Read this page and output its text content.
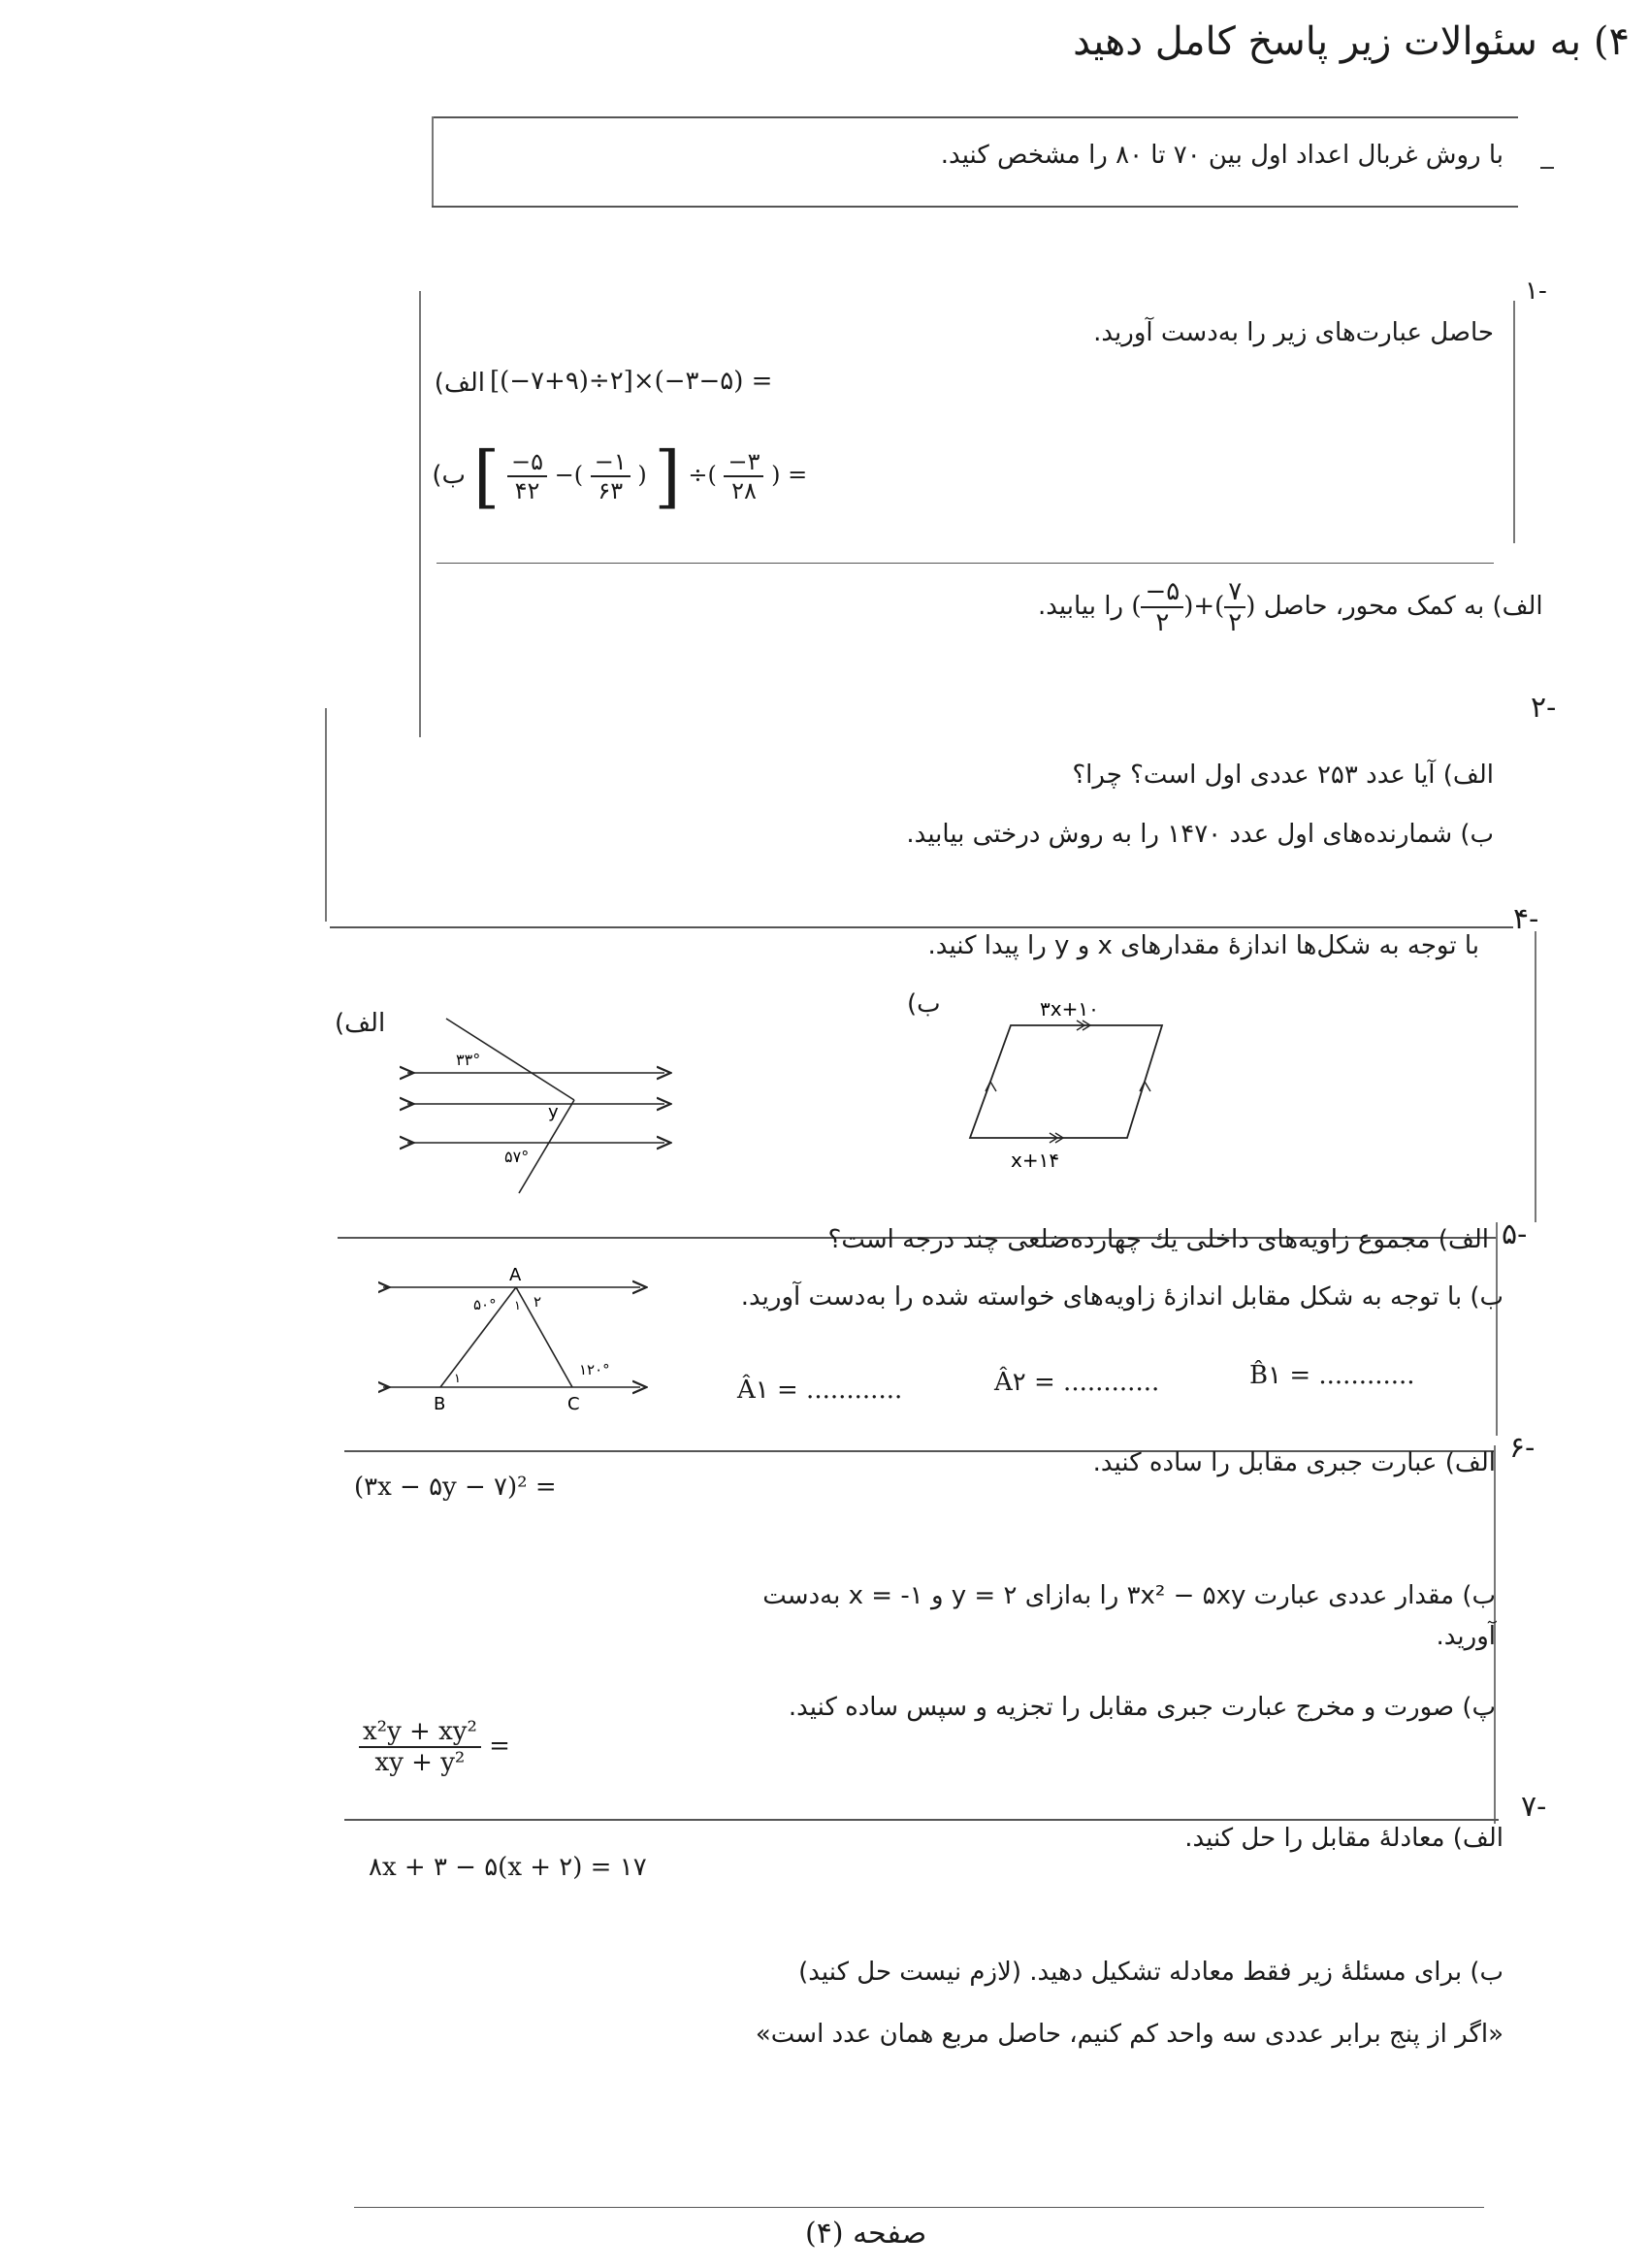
۴) به سئوالات زیر پاسخ کامل دهید
با روش غربال اعداد اول بین ۷۰ تا ۸۰ را مشخص کنید.
۱-
حاصل عبارت‌های زیر را به‌دست آورید.
الف) [(−۷+۹)÷۲]×(−۳−۵) =
ب) [ $\frac{-۵}{۴۲}$ −( $\frac{-۱}{۶۳}$ ) ] ÷( $\frac{-۳}{۲۸}$ ) =
الف) به کمک محور، حاصل ( $\frac{-۵}{۲}$ )+( $\frac{۷}{۲}$ ) را بیابید.
۲-
الف) آیا عدد ۲۵۳ عددی اول است؟ چرا؟
ب) شمارنده‌های اول عدد ۱۴۷۰ را به روش درختی بیابید.
۴-
با توجه به شکل‌ها اندازهٔ مقدارهای x و y را پیدا کنید.
الف)
ب)
۳۳°
y
۵۷°
۳x+۱۰
x+۱۴
۵-
الف) مجموع زاویه‌های داخلی یك چهارده‌ضلعی چند درجه است؟
ب) با توجه به شکل مقابل اندازهٔ زاویه‌های خواسته شده را به‌دست آورید.
A
B	C
۵۰°	۲
۱
۱
۱۲۰°
Â۱ = ............	Â۲ = ............	B̂۱ = ............
۶-
الف) عبارت جبری مقابل را ساده کنید.
(۳x − ۵y − ۷)² =
ب) مقدار عددی عبارت ۳x² − ۵xy را به‌ازای ۲ = y و ۱- = x به‌دست آورید.
پ) صورت و مخرج عبارت جبری مقابل را تجزیه و سپس ساده کنید.
$\frac{\text{x²y + xy²}}{\text{xy + y²}}$ =
۷-
الف) معادلهٔ مقابل را حل کنید.
۸x + ۳ − ۵(x + ۲) = ۱۷
ب) برای مسئلهٔ زیر فقط معادله تشکیل دهید. (لازم نیست حل کنید)
«اگر از پنج برابر عددی سه واحد کم کنیم، حاصل مربع همان عدد است»
صفحه (۴)
